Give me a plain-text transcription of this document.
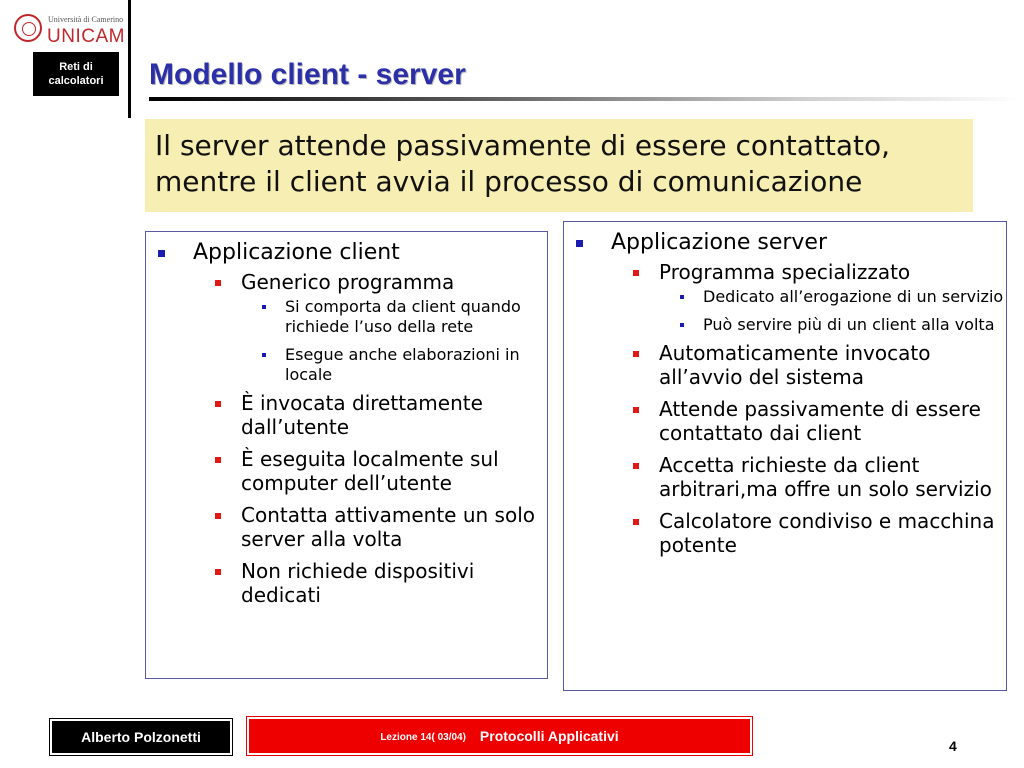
Università di Camerino
UNICAM
Reti di
calcolatori Modello client - server
Il server attende passivamente di essere contattato,
mentre il client avvia il processo di comunicazione
Applicazione client
Generico programma
Si comporta da client quando richiede l’uso della rete
Esegue anche elaborazioni in locale
È invocata direttamente dall’utente
È eseguita localmente sul computer dell’utente
Contatta attivamente un solo server alla volta
Non richiede dispositivi dedicati
Applicazione server
Programma specializzato
Dedicato all’erogazione di un servizio
Può servire più di un client alla volta
Automaticamente invocato all’avvio del sistema
Attende passivamente di essere contattato dai client
Accetta richieste da client arbitrari,ma offre un solo servizio
Calcolatore condiviso e macchina potente
Alberto Polzonetti	Lezione 14( 03/04) Protocolli Applicativi
4
